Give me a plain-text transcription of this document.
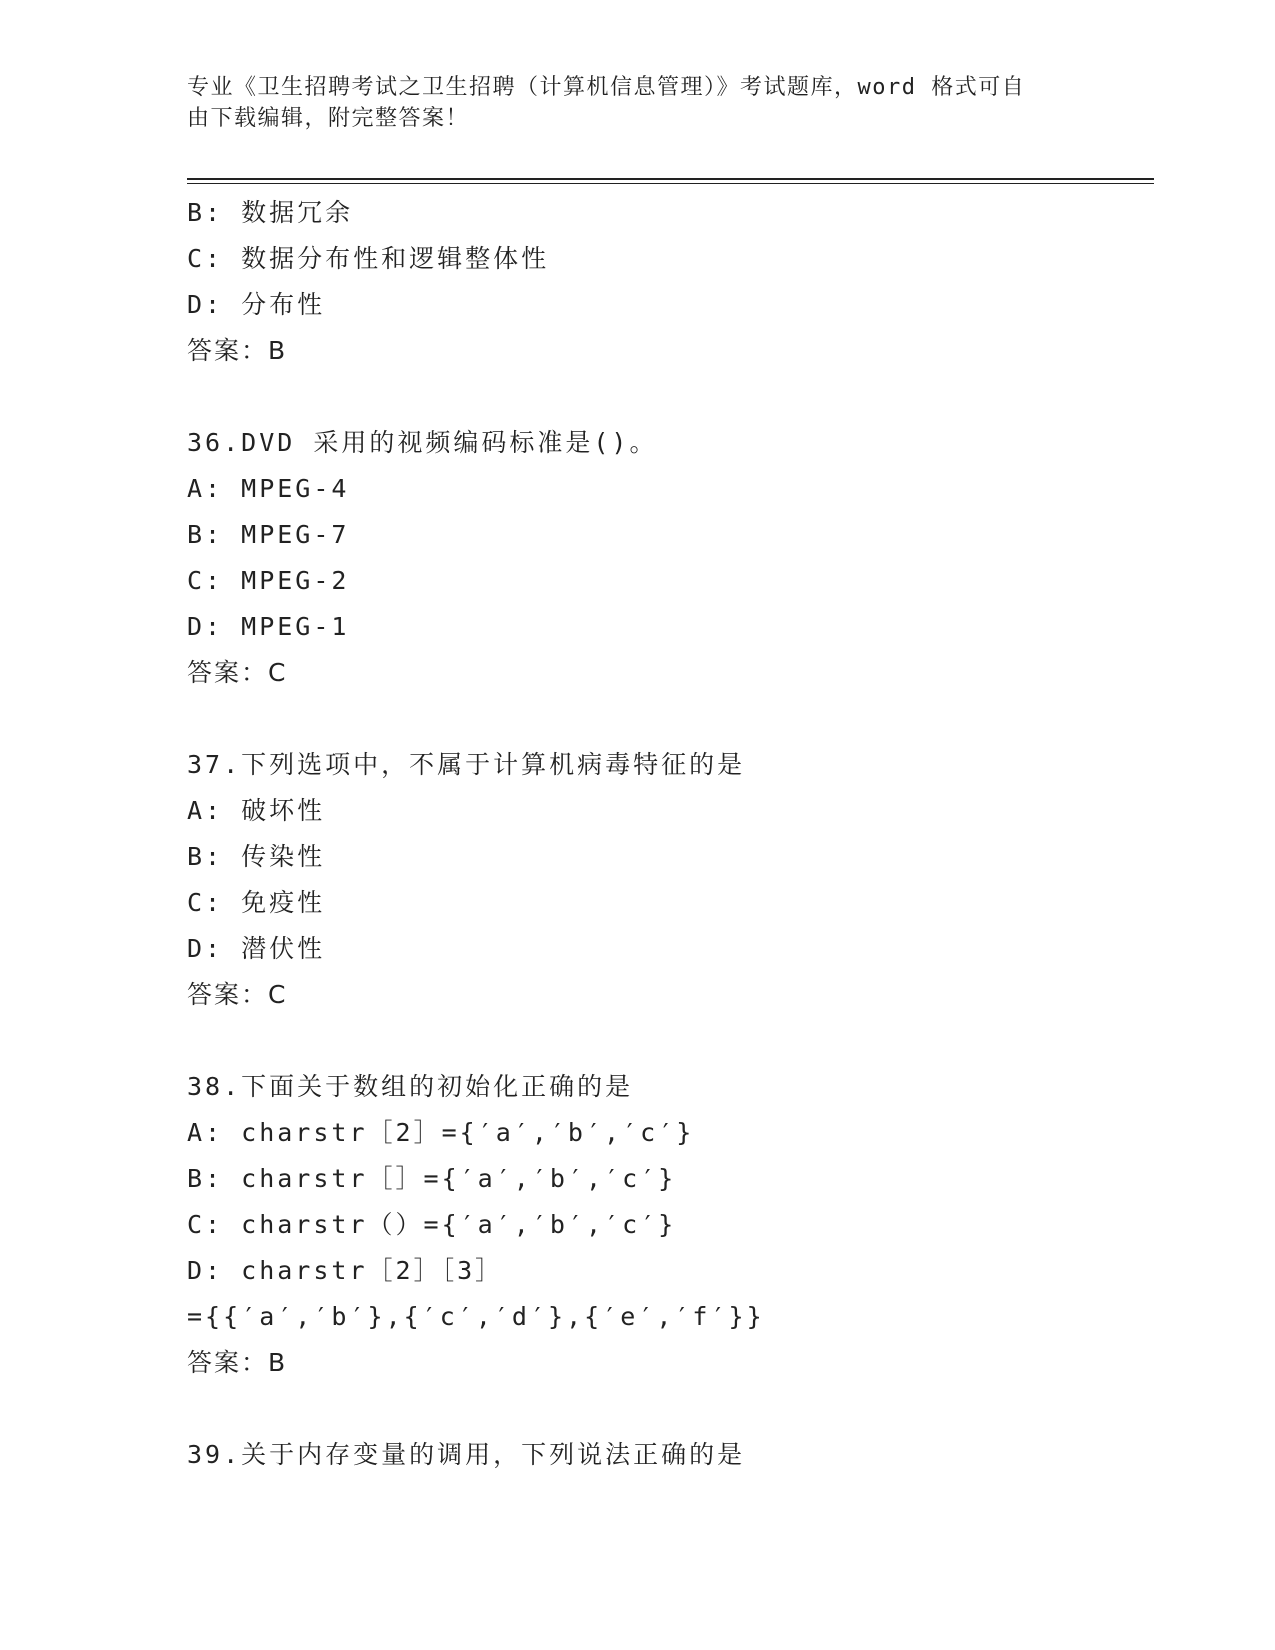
专业《卫生招聘考试之卫生招聘（计算机信息管理）》考试题库，word 格式可自
由下载编辑，附完整答案！
B: 数据冗余
C: 数据分布性和逻辑整体性
D: 分布性
答案：B
36.DVD 采用的视频编码标准是()。
A: MPEG-4
B: MPEG-7
C: MPEG-2
D: MPEG-1
答案：C
37.下列选项中，不属于计算机病毒特征的是
A: 破坏性
B: 传染性
C: 免疫性
D: 潜伏性
答案：C
38.下面关于数组的初始化正确的是
A: charstr［2］={′a′,′b′,′c′}
B: charstr［］={′a′,′b′,′c′}
C: charstr（）={′a′,′b′,′c′}
D: charstr［2］［3］
={{′a′,′b′},{′c′,′d′},{′e′,′f′}}
答案：B
39.关于内存变量的调用，下列说法正确的是
